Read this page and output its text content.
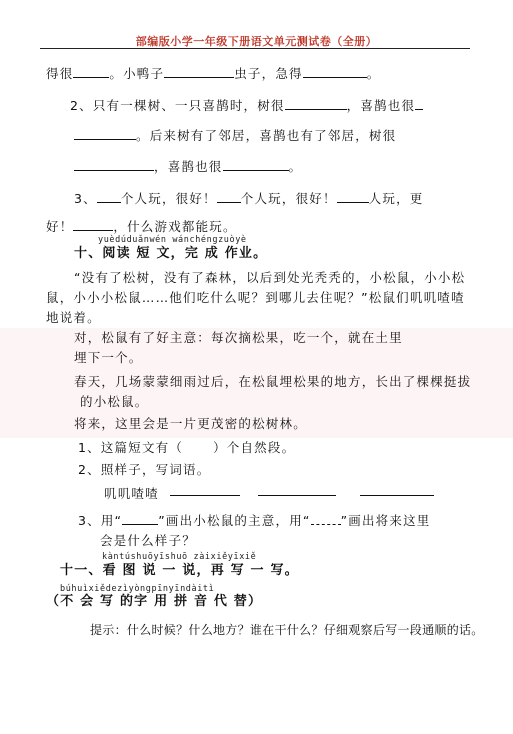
部编版小学一年级下册语文单元测试卷（全册）
得很	。小鸭子	虫子，急得	。
2、只有一棵树、一只喜鹊时，树很	，喜鹊也很
。后来树有了邻居，喜鹊也有了邻居，树很
，喜鹊也很	。
3、 个人玩，很好！ 个人玩，很好！	人玩，更
好！	，什么游戏都能玩。
yuèdúduǎnwén wánchéngzuòyè
十、阅读 短 文，完 成 作业。
“没有了松树，没有了森林，以后到处光秃秃的，小松鼠，小小松
鼠，小小小松鼠……他们吃什么呢？到哪儿去住呢？”松鼠们叽叽喳喳
地说着。
对，松鼠有了好主意：每次摘松果，吃一个，就在土里
埋下一个。
春天，几场蒙蒙细雨过后，在松鼠埋松果的地方，长出了棵棵挺拔
的小松鼠。
将来，这里会是一片更茂密的松树林。
1、这篇短文有（ ）个自然段。
2、照样子，写词语。
叽叽喳喳
3、用“	”画出小松鼠的主意，用“ ”画出将来这里
会是什么样子？
kàntúshuōyīshuō zàixiěyīxiě
十一、看 图 说 一 说，再 写 一 写。
búhuìxiědezìyòngpīnyīndàitì
（不 会 写 的字 用 拼 音 代 替）
提示：什么时候？什么地方？谁在干什么？仔细观察后写一段通顺的话。
